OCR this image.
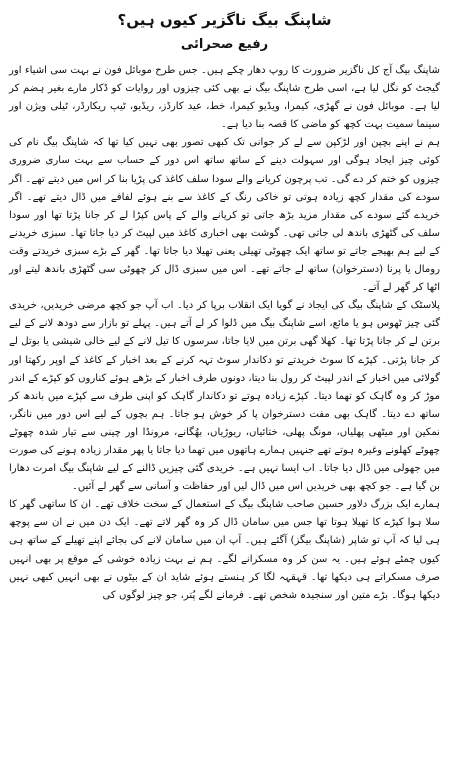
شاپنگ بیگ ناگزیر کیوں ہیں؟
رفیع صحرائی

شاپنگ بیگ آج کل ناگزیر ضرورت کا روپ دھار چکے ہیں۔ جس طرح موبائل فون نے بہت سی اشیاء اور گیجٹ کو نگل لیا ہے، اسی طرح شاپنگ بیگ نے بھی کئی چیزوں اور روایات کو ڈکار مارے بغیر ہضم کر لیا ہے۔ موبائل فون نے گھڑی، کیمرا، ویڈیو کیمرا، خط، عید کارڈز، ریڈیو، ٹیپ ریکارڈر، ٹیلی ویژن اور سینما سمیت بہت کچھ کو ماضی کا قصہ بنا دیا ہے۔

ہم نے اپنے بچپن اور لڑکپن سے لے کر جوانی تک کبھی تصور بھی نہیں کیا تھا کہ شاپنگ بیگ نام کی کوئی چیز ایجاد ہوگی اور سہولت دینے کے ساتھ ساتھ اس دور کے حساب سے بہت ساری ضروری چیزوں کو ختم کر دے گی۔ تب پرچون کریانے والے سودا سلف کاغذ کی پڑیا بنا کر اس میں دیتے تھے۔ اگر سودے کی مقدار کچھ زیادہ ہوتی تو خاکی رنگ کے کاغذ سے بنے ہوئے لفافے میں ڈال دیتے تھے۔ اگر خریدے گئے سودے کی مقدار مزید بڑھ جاتی تو کریانے والے کے پاس کپڑا لے کر جانا پڑتا تھا اور سودا سلف کی گٹھڑی باندھ لی جاتی تھی۔ گوشت بھی اخباری کاغذ میں لپیٹ کر دیا جاتا تھا۔ سبزی خریدنے کے لیے ہم بھیجے جاتے تو ساتھ ایک چھوٹی تھیلی یعنی تھیلا دیا جاتا تھا۔ گھر کے بڑے سبزی خریدتے وقت رومال یا پرنا (دسترخوان) ساتھ لے جاتے تھے۔ اس میں سبزی ڈال کر چھوٹی سی گٹھڑی باندھ لیتے اور اٹھا کر گھر لے آتے۔

پلاسٹک کے شاپنگ بیگ کی ایجاد نے گویا ایک انقلاب برپا کر دیا۔ اب آپ جو کچھ مرضی خریدیں، خریدی گئی چیز ٹھوس ہو یا مائع، اسے شاپنگ بیگ میں ڈلوا کر لے آتے ہیں۔ پہلے تو بازار سے دودھ لانے کے لیے برتن لے کر جانا پڑتا تھا۔ کھلا گھی برتن میں لایا جاتا، سرسوں کا تیل لانے کے لیے خالی شیشی یا بوتل لے کر جانا پڑتی۔ کپڑے کا سوٹ خریدتے تو دکاندار سوٹ تہہ کرنے کے بعد اخبار کے کاغذ کے اوپر رکھتا اور گولائی میں اخبار کے اندر لپیٹ کر رول بنا دیتا، دونوں طرف اخبار کے بڑھے ہوئے کناروں کو کپڑے کے اندر موڑ کر وہ گاہک کو تھما دیتا۔ کپڑے زیادہ ہوتے تو دکاندار گاہک کو اپنی طرف سے کپڑے میں باندھ کر ساتھ دے دیتا۔ گاہک بھی مفت دسترخوان پا کر خوش ہو جاتا۔ ہم بچوں کے لیے اس دور میں نانگر، نمکین اور میٹھی پھلیاں، مونگ پھلی، ختائیاں، ریوڑیاں، بھُگانے، مرونڈا اور چینی سے تیار شدہ چھوٹے چھوٹے کھلونے وغیرہ ہوتے تھے جنہیں ہمارے ہاتھوں میں تھما دیا جاتا یا پھر مقدار زیادہ ہونے کی صورت میں جھولی میں ڈال دیا جاتا۔ اب ایسا نہیں ہے۔ خریدی گئی چیزیں ڈالنے کے لیے شاپنگ بیگ امرت دھارا بن گیا ہے۔ جو کچھ بھی خریدیں اس میں ڈال لیں اور حفاظت و آسانی سے گھر لے آئیں۔

ہمارے ایک بزرگ دلاور حسین صاحب شاپنگ بیگ کے استعمال کے سخت خلاف تھے۔ ان کا ساتھی گھر کا سلا ہوا کپڑے کا تھیلا ہوتا تھا جس میں سامان ڈال کر وہ گھر لاتے تھے۔ ایک دن میں نے ان سے پوچھ ہی لیا کہ آپ تو شاپر (شاپنگ بیگز) آگئے ہیں۔ آپ ان میں سامان لانے کی بجائے اپنے تھیلے کے ساتھ ہی کیوں چمٹے ہوئے ہیں۔ یہ سن کر وہ مسکرانے لگے۔ ہم نے بہت زیادہ خوشی کے موقع پر بھی انہیں صرف مسکراتے ہی دیکھا تھا۔ قہقہہ لگا کر ہنستے ہوئے شاید ان کے بیٹوں نے بھی انہیں کبھی نہیں دیکھا ہوگا۔ بڑے متین اور سنجیدہ شخص تھے۔ فرمانے لگے پُتر، جو چیز لوگوں کی
